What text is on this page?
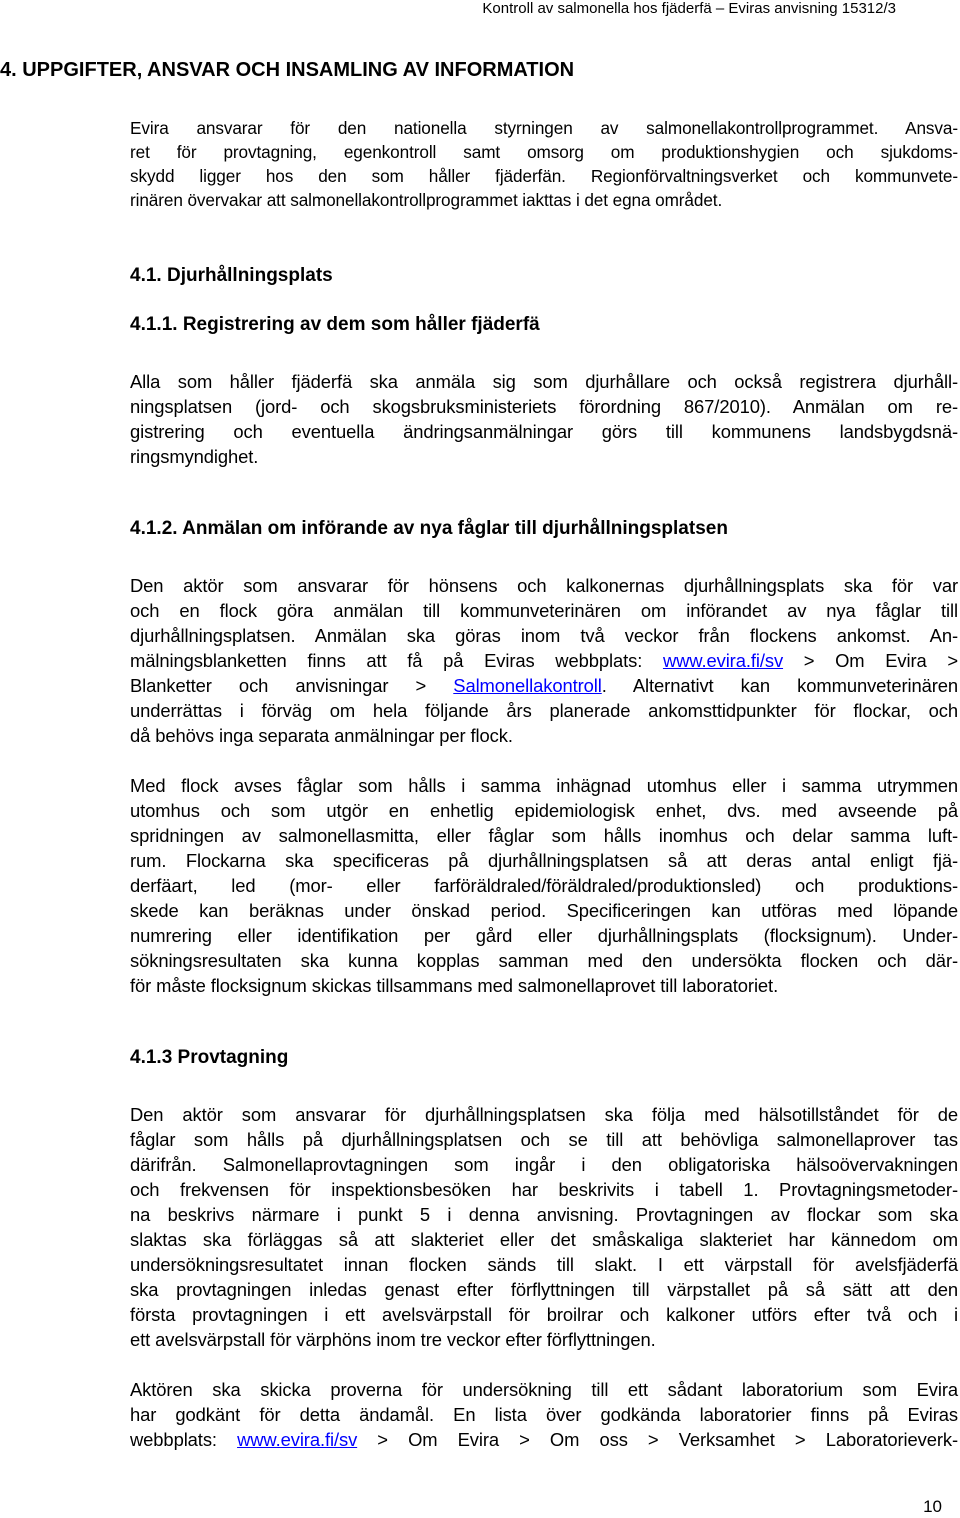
Kontroll av salmonella hos fjäderfä – Eviras anvisning 15312/3
4. UPPGIFTER, ANSVAR OCH INSAMLING AV INFORMATION
Evira ansvarar för den nationella styrningen av salmonellakontrollprogrammet. Ansva-
ret för provtagning, egenkontroll samt omsorg om produktionshygien och sjukdoms-
skydd ligger hos den som håller fjäderfän. Regionförvaltningsverket och kommunvete-
rinären övervakar att salmonellakontrollprogrammet iakttas i det egna området.
4.1. Djurhållningsplats
4.1.1. Registrering av dem som håller fjäderfä
Alla som håller fjäderfä ska anmäla sig som djurhållare och också registrera djurhåll-
ningsplatsen (jord- och skogsbruksministeriets förordning 867/2010). Anmälan om re-
gistrering och eventuella ändringsanmälningar görs till kommunens landsbygdsnä-
ringsmyndighet.
4.1.2. Anmälan om införande av nya fåglar till djurhållningsplatsen
Den aktör som ansvarar för hönsens och kalkonernas djurhållningsplats ska för var
och en flock göra anmälan till kommunveterinären om införandet av nya fåglar till
djurhållningsplatsen. Anmälan ska göras inom två veckor från flockens ankomst. An-
mälningsblanketten finns att få på Eviras webbplats: www.evira.fi/sv > Om Evira >
Blanketter och anvisningar > Salmonellakontroll. Alternativt kan kommunveterinären
underrättas i förväg om hela följande års planerade ankomsttidpunkter för flockar, och
då behövs inga separata anmälningar per flock.
Med flock avses fåglar som hålls i samma inhägnad utomhus eller i samma utrymmen
utomhus och som utgör en enhetlig epidemiologisk enhet, dvs. med avseende på
spridningen av salmonellasmitta, eller fåglar som hålls inomhus och delar samma luft-
rum. Flockarna ska specificeras på djurhållningsplatsen så att deras antal enligt fjä-
derfäart, led (mor- eller farföräldraled/föräldraled/produktionsled) och produktions-
skede kan beräknas under önskad period. Specificeringen kan utföras med löpande
numrering eller identifikation per gård eller djurhållningsplats (flocksignum). Under-
sökningsresultaten ska kunna kopplas samman med den undersökta flocken och där-
för måste flocksignum skickas tillsammans med salmonellaprovet till laboratoriet.
4.1.3 Provtagning
Den aktör som ansvarar för djurhållningsplatsen ska följa med hälsotillståndet för de
fåglar som hålls på djurhållningsplatsen och se till att behövliga salmonellaprover tas
därifrån. Salmonellaprovtagningen som ingår i den obligatoriska hälsoövervakningen
och frekvensen för inspektionsbesöken har beskrivits i tabell 1. Provtagningsmetoder-
na beskrivs närmare i punkt 5 i denna anvisning. Provtagningen av flockar som ska
slaktas ska förläggas så att slakteriet eller det småskaliga slakteriet har kännedom om
undersökningsresultatet innan flocken sänds till slakt. I ett värpstall för avelsfjäderfä
ska provtagningen inledas genast efter förflyttningen till värpstallet på så sätt att den
första provtagningen i ett avelsvärpstall för broilrar och kalkoner utförs efter två och i
ett avelsvärpstall för värphöns inom tre veckor efter förflyttningen.
Aktören ska skicka proverna för undersökning till ett sådant laboratorium som Evira
har godkänt för detta ändamål. En lista över godkända laboratorier finns på Eviras
webbplats: www.evira.fi/sv > Om Evira > Om oss > Verksamhet > Laboratorieverk-
10
